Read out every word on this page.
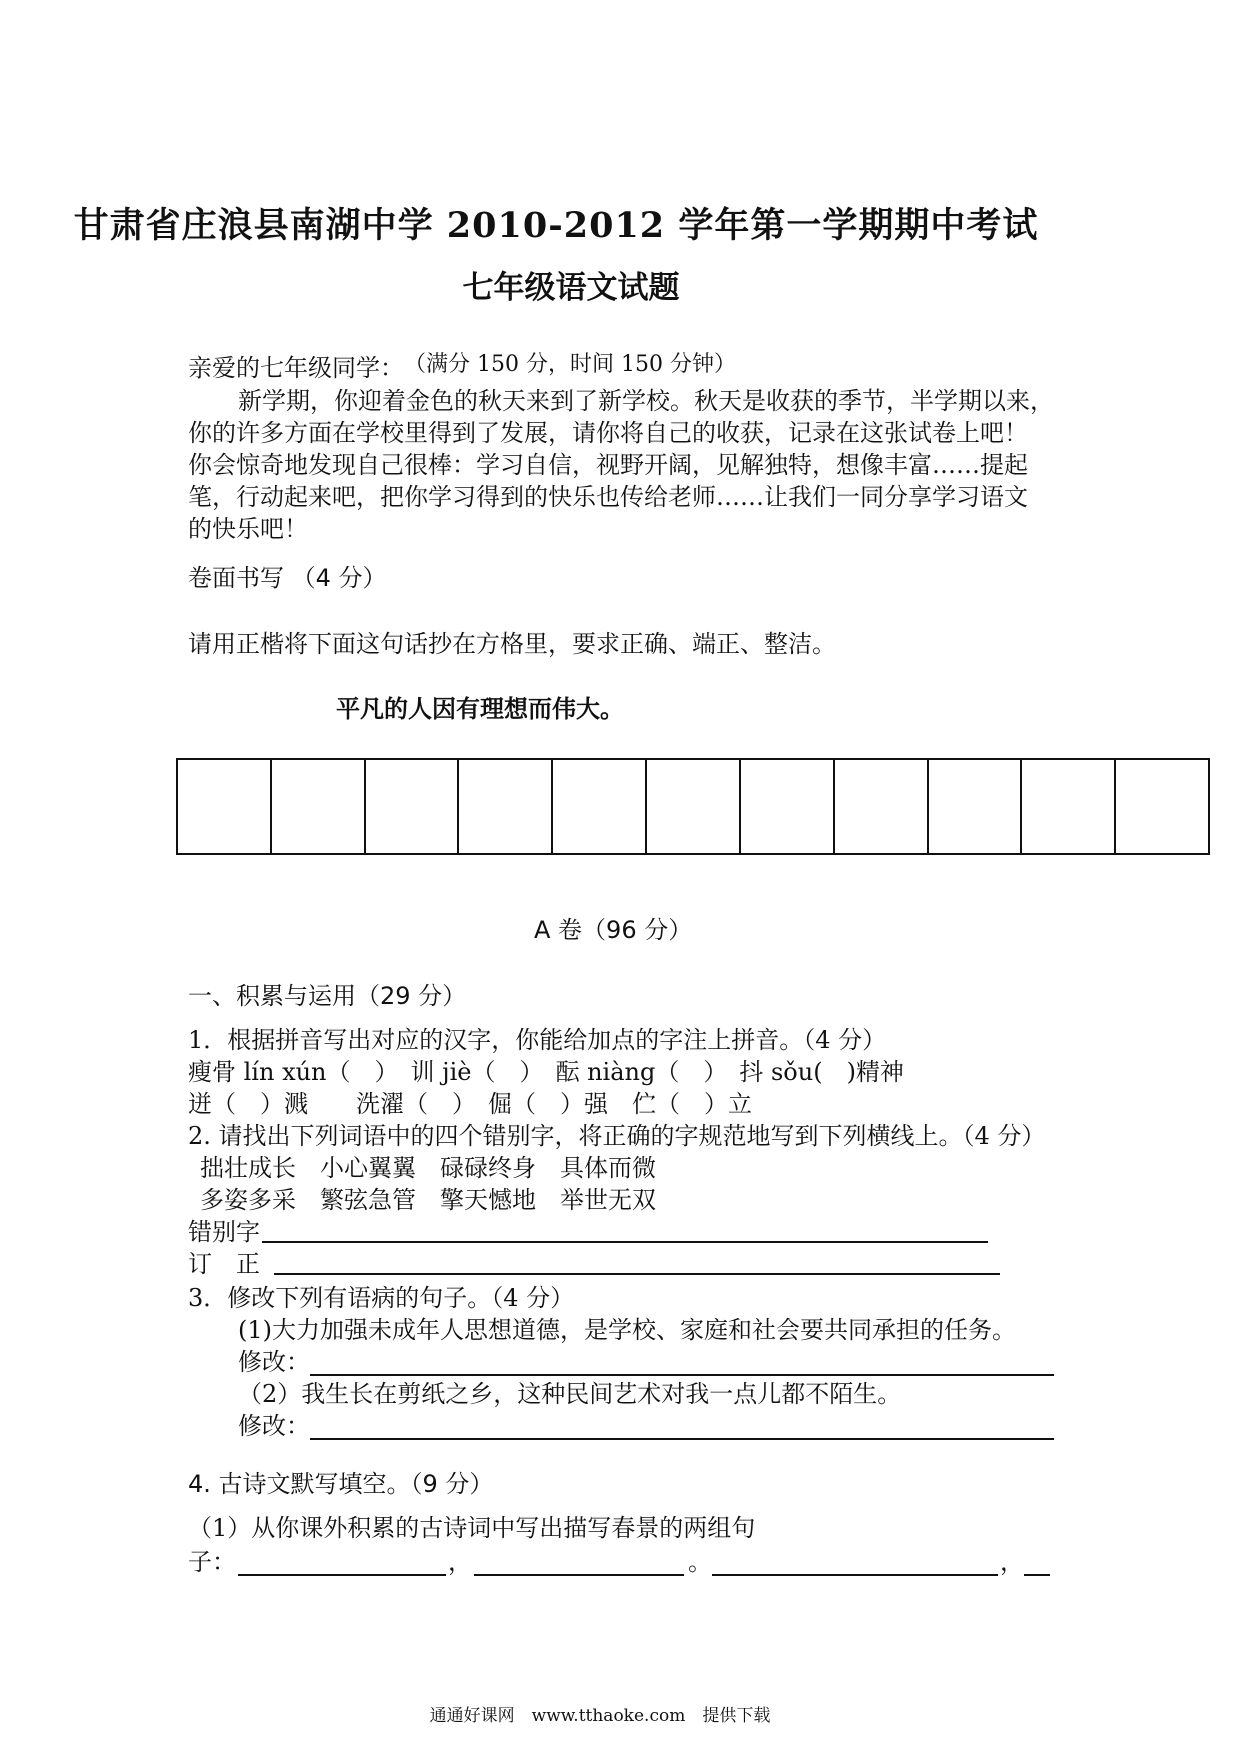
甘肃省庄浪县南湖中学 2010-2012 学年第一学期期中考试
七年级语文试题
（满分 150 分，时间 150 分钟）
亲爱的七年级同学：
新学期，你迎着金色的秋天来到了新学校。秋天是收获的季节，半学期以来，
你的许多方面在学校里得到了发展，请你将自己的收获，记录在这张试卷上吧！
你会惊奇地发现自己很棒：学习自信，视野开阔，见解独特，想像丰富……提起
笔，行动起来吧，把你学习得到的快乐也传给老师……让我们一同分享学习语文
的快乐吧！
卷面书写 （4 分）
请用正楷将下面这句话抄在方格里，要求正确、端正、整洁。
平凡的人因有理想而伟大。
A 卷（96 分）
一、积累与运用（29 分）
1．根据拼音写出对应的汉字，你能给加点的字注上拼音。（4 分）
瘦骨 lín xún（　）　训 jiè（　）　酝 niàng（　）　抖 sǒu(　)精神
迸（　）溅　　洗濯（　）　倔（　）强　伫（　）立
2. 请找出下列词语中的四个错别字，将正确的字规范地写到下列横线上。（4 分）
拙壮成长　小心翼翼　碌碌终身　具体而微
多姿多采　繁弦急管　擎天憾地　举世无双
错别字
订　正
3．修改下列有语病的句子。（4 分）
(1)大力加强未成年人思想道德，是学校、家庭和社会要共同承担的任务。
修改：
（2）我生长在剪纸之乡，这种民间艺术对我一点儿都不陌生。
修改：
4. 古诗文默写填空。（9 分）
（1）从你课外积累的古诗词中写出描写春景的两组句
子：	，	。	，
通通好课网　www.tthaoke.com　提供下载
